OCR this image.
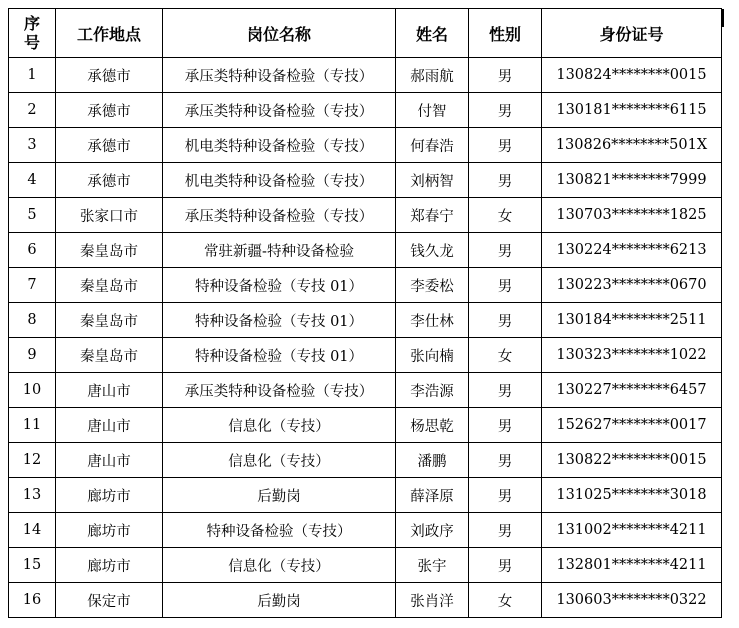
序
号	工作地点	岗位名称	姓名	性别	身份证号
1	承德市	承压类特种设备检验（专技）	郝雨航	男	130824********0015
2	承德市	承压类特种设备检验（专技）	付智	男	130181********6115
3	承德市	机电类特种设备检验（专技）	何春浩	男	130826********501X
4	承德市	机电类特种设备检验（专技）	刘柄智	男	130821********7999
5	张家口市	承压类特种设备检验（专技）	郑春宁	女	130703********1825
6	秦皇岛市	常驻新疆-特种设备检验	钱久龙	男	130224********6213
7	秦皇岛市	特种设备检验（专技 01）	李委松	男	130223********0670
8	秦皇岛市	特种设备检验（专技 01）	李仕林	男	130184********2511
9	秦皇岛市	特种设备检验（专技 01）	张向楠	女	130323********1022
10	唐山市	承压类特种设备检验（专技）	李浩源	男	130227********6457
11	唐山市	信息化（专技）	杨思乾	男	152627********0017
12	唐山市	信息化（专技）	潘鹏	男	130822********0015
13	廊坊市	后勤岗	薛泽原	男	131025********3018
14	廊坊市	特种设备检验（专技）	刘政序	男	131002********4211
15	廊坊市	信息化（专技）	张宇	男	132801********4211
16	保定市	后勤岗	张肖洋	女	130603********0322
